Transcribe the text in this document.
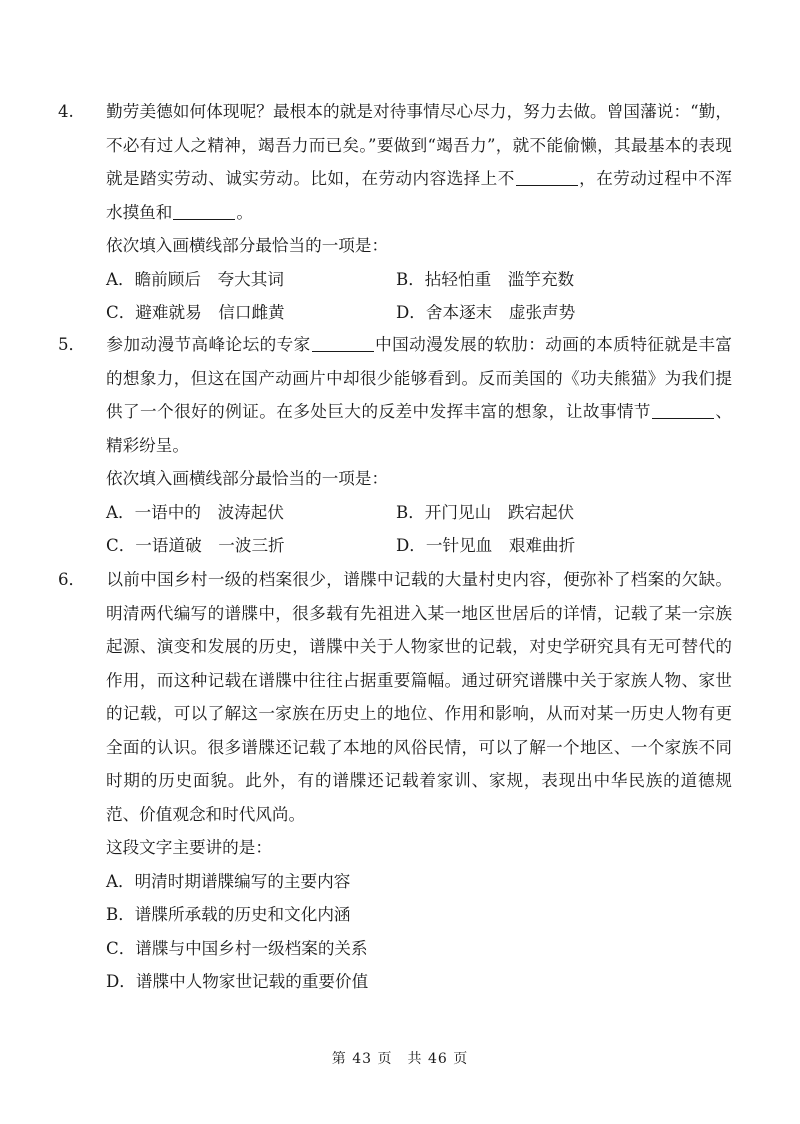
4. 勤劳美德如何体现呢？最根本的就是对待事情尽心尽力，努力去做。曾国藩说：“勤，不必有过人之精神，竭吾力而已矣。”要做到“竭吾力”，就不能偷懒，其最基本的表现就是踏实劳动、诚实劳动。比如，在劳动内容选择上不	，在劳动过程中不浑水摸鱼和	。
依次填入画横线部分最恰当的一项是：
A．瞻前顾后　夸大其词	B．拈轻怕重　滥竽充数
C．避难就易　信口雌黄	D．舍本逐末　虚张声势
5． 参加动漫节高峰论坛的专家	中国动漫发展的软肋：动画的本质特征就是丰富的想象力，但这在国产动画片中却很少能够看到。反而美国的《功夫熊猫》为我们提供了一个很好的例证。在多处巨大的反差中发挥丰富的想象，让故事情节	、精彩纷呈。
依次填入画横线部分最恰当的一项是：
A．一语中的　波涛起伏	B．开门见山　跌宕起伏
C．一语道破　一波三折	D．一针见血　艰难曲折
6． 以前中国乡村一级的档案很少，谱牒中记载的大量村史内容，便弥补了档案的欠缺。明清两代编写的谱牒中，很多载有先祖进入某一地区世居后的详情，记载了某一宗族起源、演变和发展的历史，谱牒中关于人物家世的记载，对史学研究具有无可替代的作用，而这种记载在谱牒中往往占据重要篇幅。通过研究谱牒中关于家族人物、家世的记载，可以了解这一家族在历史上的地位、作用和影响，从而对某一历史人物有更全面的认识。很多谱牒还记载了本地的风俗民情，可以了解一个地区、一个家族不同时期的历史面貌。此外，有的谱牒还记载着家训、家规，表现出中华民族的道德规范、价值观念和时代风尚。
这段文字主要讲的是：
A．明清时期谱牒编写的主要内容
B．谱牒所承载的历史和文化内涵
C．谱牒与中国乡村一级档案的关系
D．谱牒中人物家世记载的重要价值
第 43 页　共 46 页
